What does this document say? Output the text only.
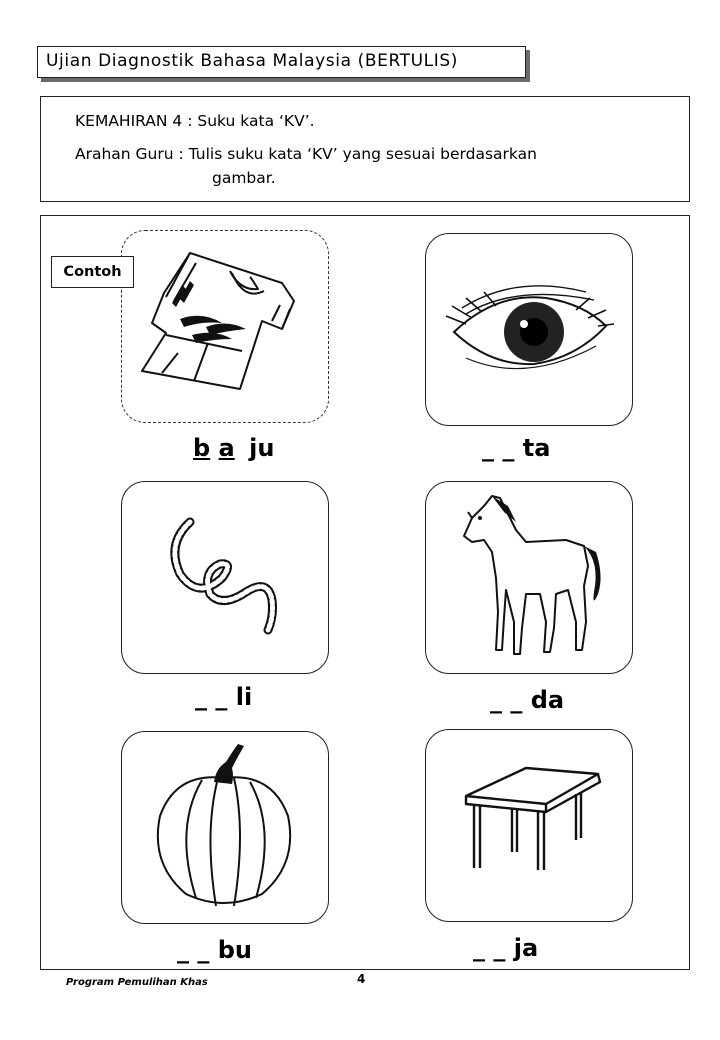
Ujian Diagnostik Bahasa Malaysia (BERTULIS)
KEMAHIRAN 4 : Suku kata ‘KV’.
Arahan Guru : Tulis suku kata ‘KV’ yang sesuai berdasarkan
gambar.
Contoh
b a ju	_ _ ta
_ _ li	_ _ da
_ _ bu	_ _ ja
Program Pemulihan Khas	4
